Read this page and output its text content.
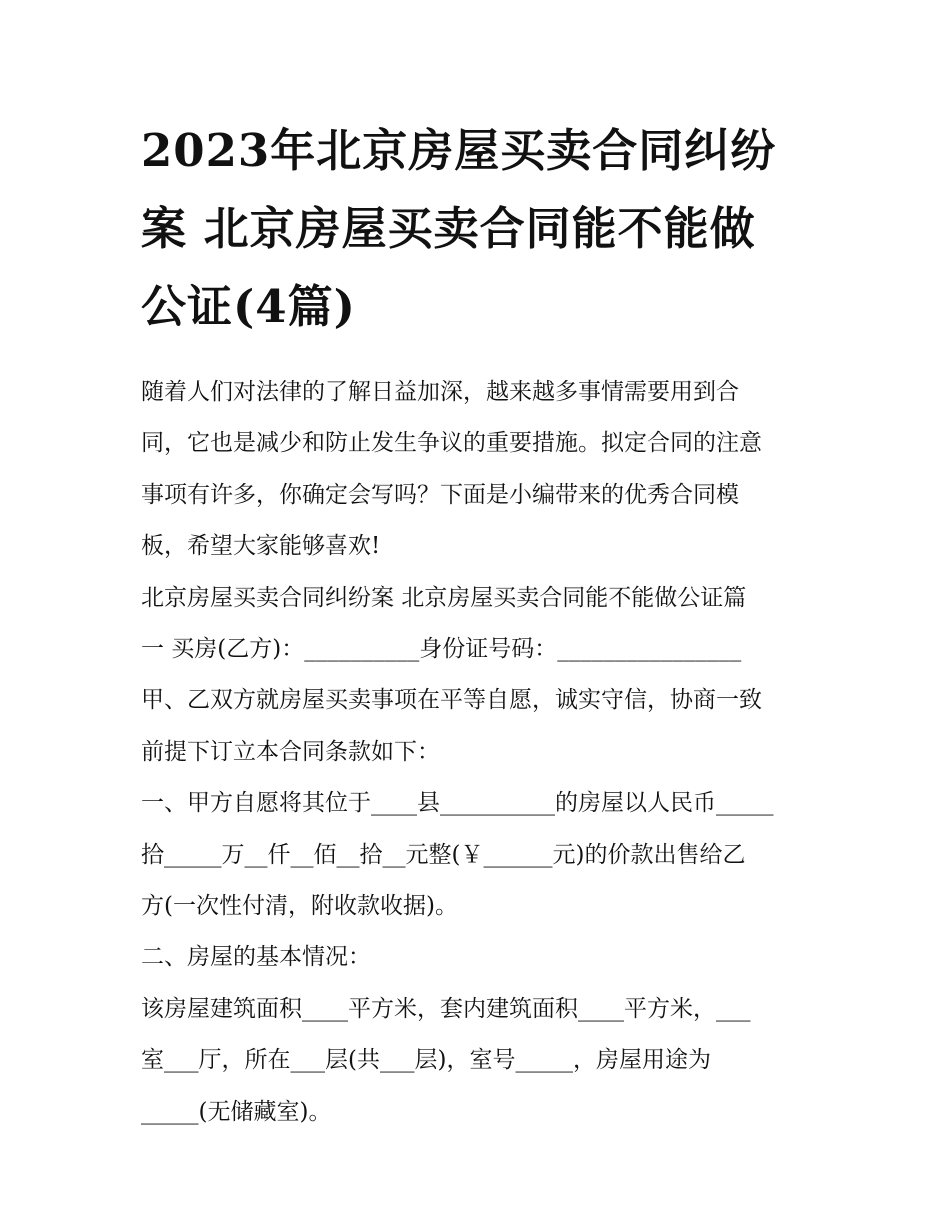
2023年北京房屋买卖合同纠纷
案 北京房屋买卖合同能不能做
公证(4篇)

随着人们对法律的了解日益加深，越来越多事情需要用到合
同，它也是减少和防止发生争议的重要措施。拟定合同的注意
事项有许多，你确定会写吗？下面是小编带来的优秀合同模
板，希望大家能够喜欢!

北京房屋买卖合同纠纷案 北京房屋买卖合同能不能做公证篇
一 买房(乙方)：__________身份证号码：________________

甲、乙双方就房屋买卖事项在平等自愿，诚实守信，协商一致
前提下订立本合同条款如下：

一、甲方自愿将其位于____县__________的房屋以人民币_____
拾_____万__仟__佰__拾__元整(￥______元)的价款出售给乙
方(一次性付清，附收款收据)。

二、房屋的基本情况：

该房屋建筑面积____平方米，套内建筑面积____平方米，___
室___厅，所在___层(共___层)，室号_____，房屋用途为
_____(无储藏室)。
